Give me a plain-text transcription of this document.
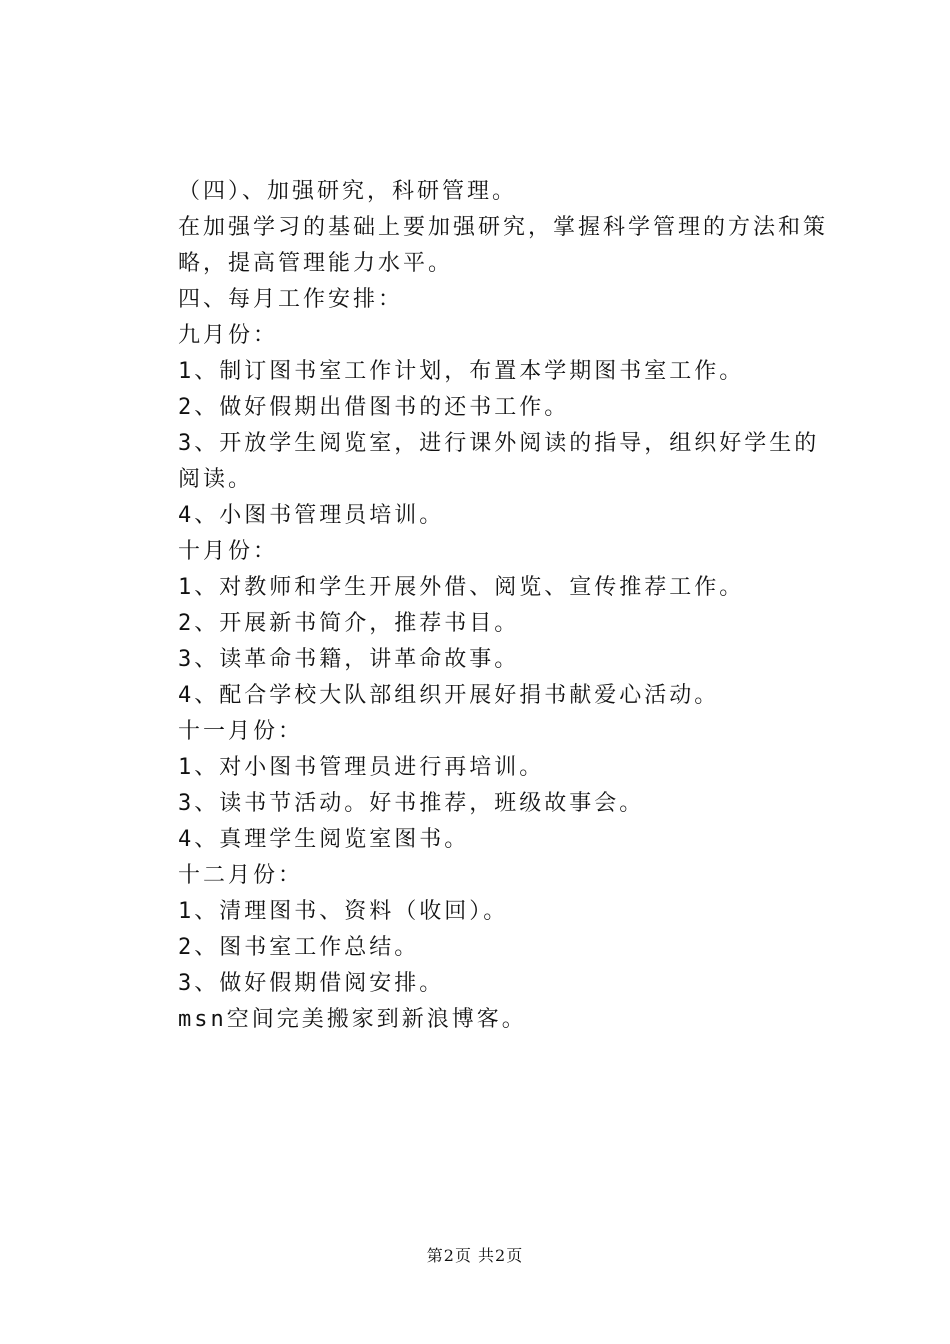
（四）、加强研究，科研管理。

在加强学习的基础上要加强研究，掌握科学管理的方法和策略，提高管理能力水平。

四、每月工作安排：

九月份：

1、制订图书室工作计划，布置本学期图书室工作。

2、做好假期出借图书的还书工作。

3、开放学生阅览室，进行课外阅读的指导，组织好学生的阅读。

4、小图书管理员培训。

十月份：

1、对教师和学生开展外借、阅览、宣传推荐工作。

2、开展新书简介，推荐书目。

3、读革命书籍，讲革命故事。

4、配合学校大队部组织开展好捐书献爱心活动。

十一月份：

1、对小图书管理员进行再培训。

3、读书节活动。好书推荐，班级故事会。

4、真理学生阅览室图书。

十二月份：

1、清理图书、资料（收回）。

2、图书室工作总结。

3、做好假期借阅安排。

msn空间完美搬家到新浪博客。

第2页 共2页
